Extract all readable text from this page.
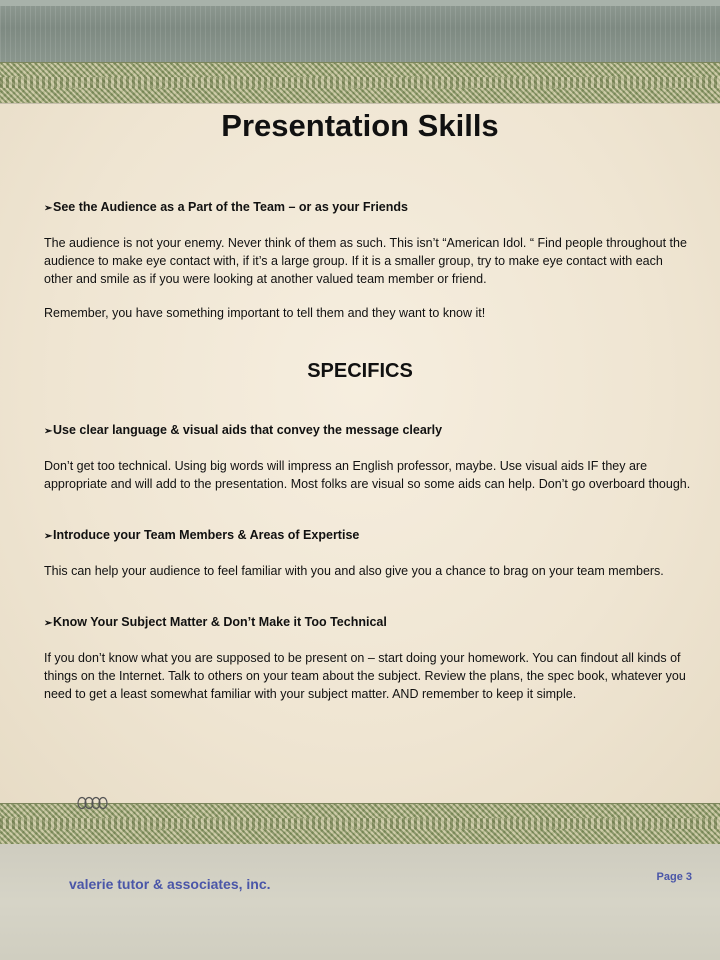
Presentation Skills
➢See the Audience as a Part of the Team – or as your Friends
The audience is not your enemy. Never think of them as such. This isn’t “American Idol. “ Find people throughout the audience to make eye contact with, if it’s a large group. If it is a smaller group, try to make eye contact with each other and smile as if you were looking at another valued team member or friend.
Remember, you have something important to tell them and they want to know it!
SPECIFICS
➢Use clear language & visual aids that convey the message clearly
Don’t get too technical. Using big words will impress an English professor, maybe. Use visual aids IF they are appropriate and will add to the presentation. Most folks are visual so some aids can help. Don’t go overboard though.
➢Introduce your Team Members & Areas of Expertise
This can help your audience to feel familiar with you and also give you a chance to brag on your team members.
➢Know Your Subject Matter & Don’t Make it Too Technical
If you don’t know what you are supposed to be present on – start doing your homework. You can findout all kinds of things on the Internet. Talk to others on your team about the subject. Review the plans, the spec book, whatever you need to get a least somewhat familiar with your subject matter. AND remember to keep it simple.
valerie tutor & associates, inc.	Page 3
